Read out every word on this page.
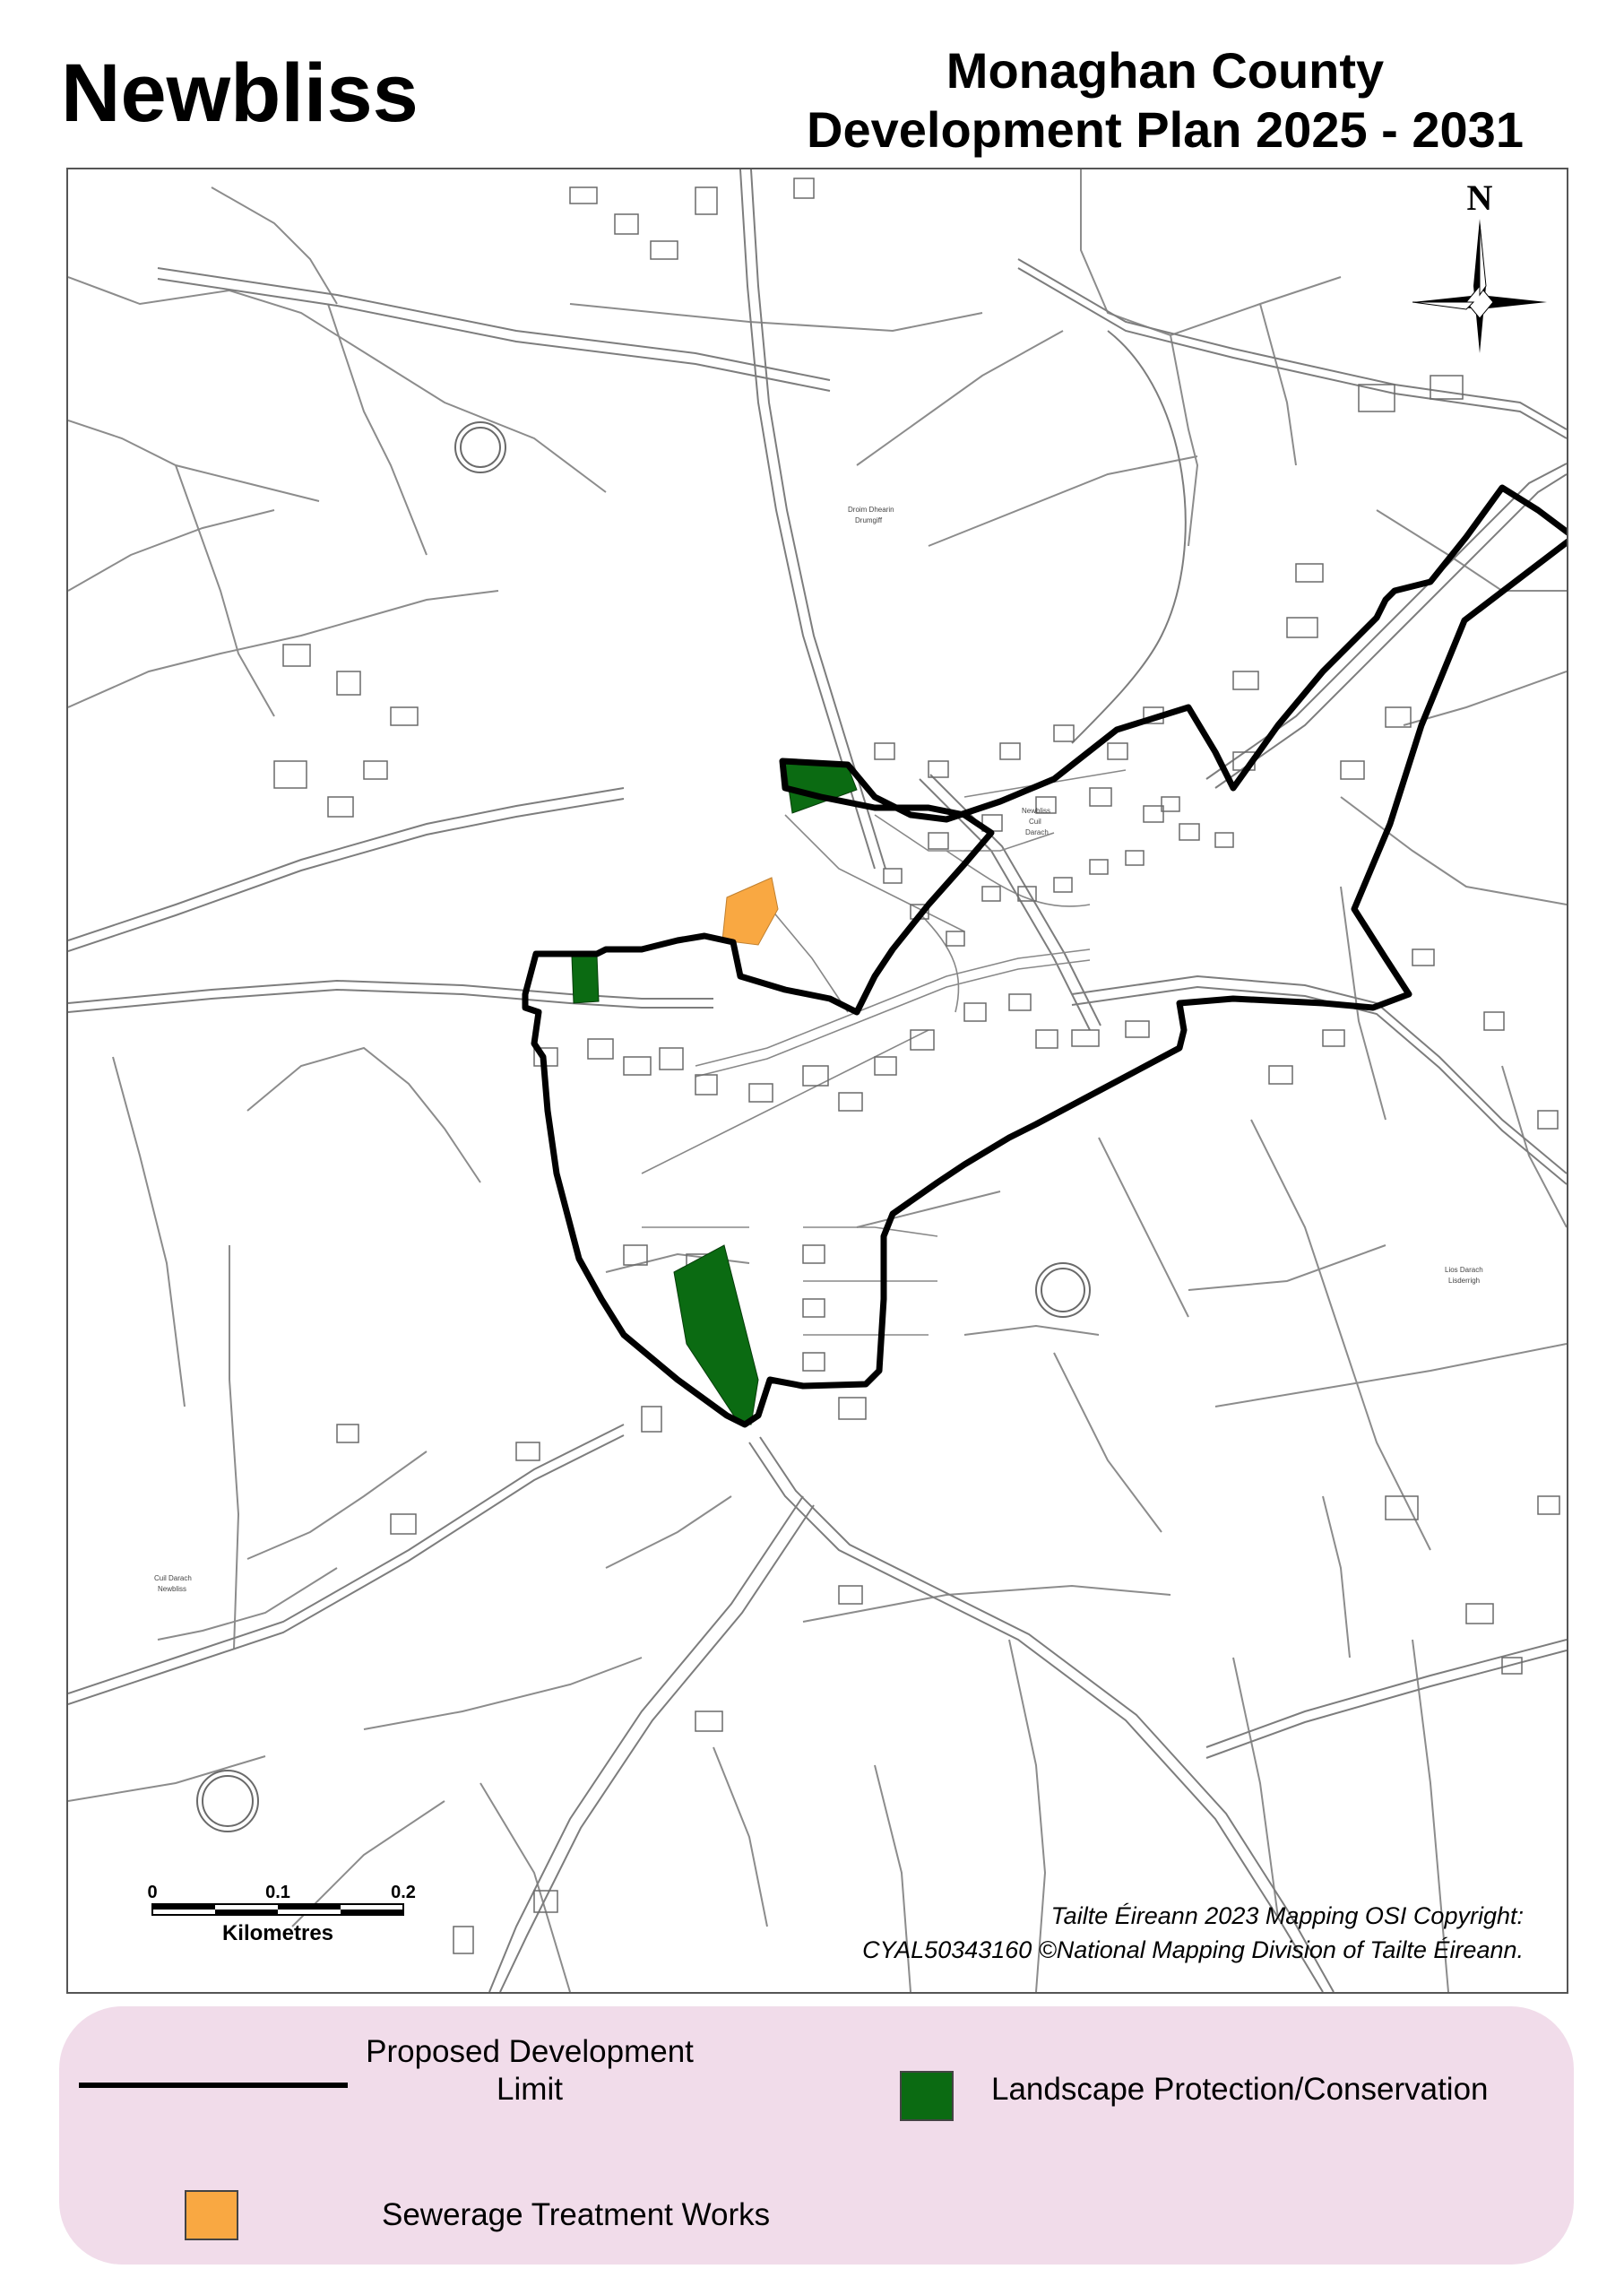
Newbliss	Monaghan County
Development Plan 2025 - 2031
Droim Dhearin
Drumgiff
Newbliss
Cuil
Darach
Lios Darach
Lisderrigh
Cuil Darach
Newbliss
N
0	0.1	0.2
Kilometres
Tailte Éireann 2023 Mapping OSI Copyright:
CYAL50343160 ©National Mapping Division of Tailte Éireann.
Proposed Development
Limit	Landscape Protection/Conservation
Sewerage Treatment Works
